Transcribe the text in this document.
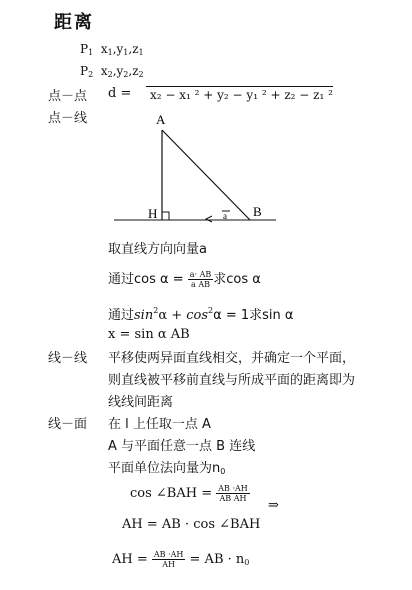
距离
$P_1$ $x_1,y_1,z_1$
$P_2$ $x_2,y_2,z_2$
点－点 d =	x₂ − x₁ ² + y₂ − y₁ ² + z₂ − z₁ ²
点－线	A
H	B
a
取直线方向向量a
通过$\cos \alpha = \frac{a\cdot AB}{\text{a AB}}$ 求cos α
通过$\sin^2\alpha + \cos^2\alpha = 1$求sin α
x = sin α AB
线－线 平移使两异面直线相交，并确定一个平面，
则直线被平移前直线与所成平面的距离即为
线线间距离
线－面 在 l 上任取一点 A
A 与平面任意一点 B 连线
平面单位法向量为$n_0$
cos ∠BAH = $\frac{AB \cdot AH}{\text{AB AH}}$
⇒
AH = AB · cos ∠BAH
AH = $\frac{AB \cdot AH}{AH}$ = AB · $n_0$
